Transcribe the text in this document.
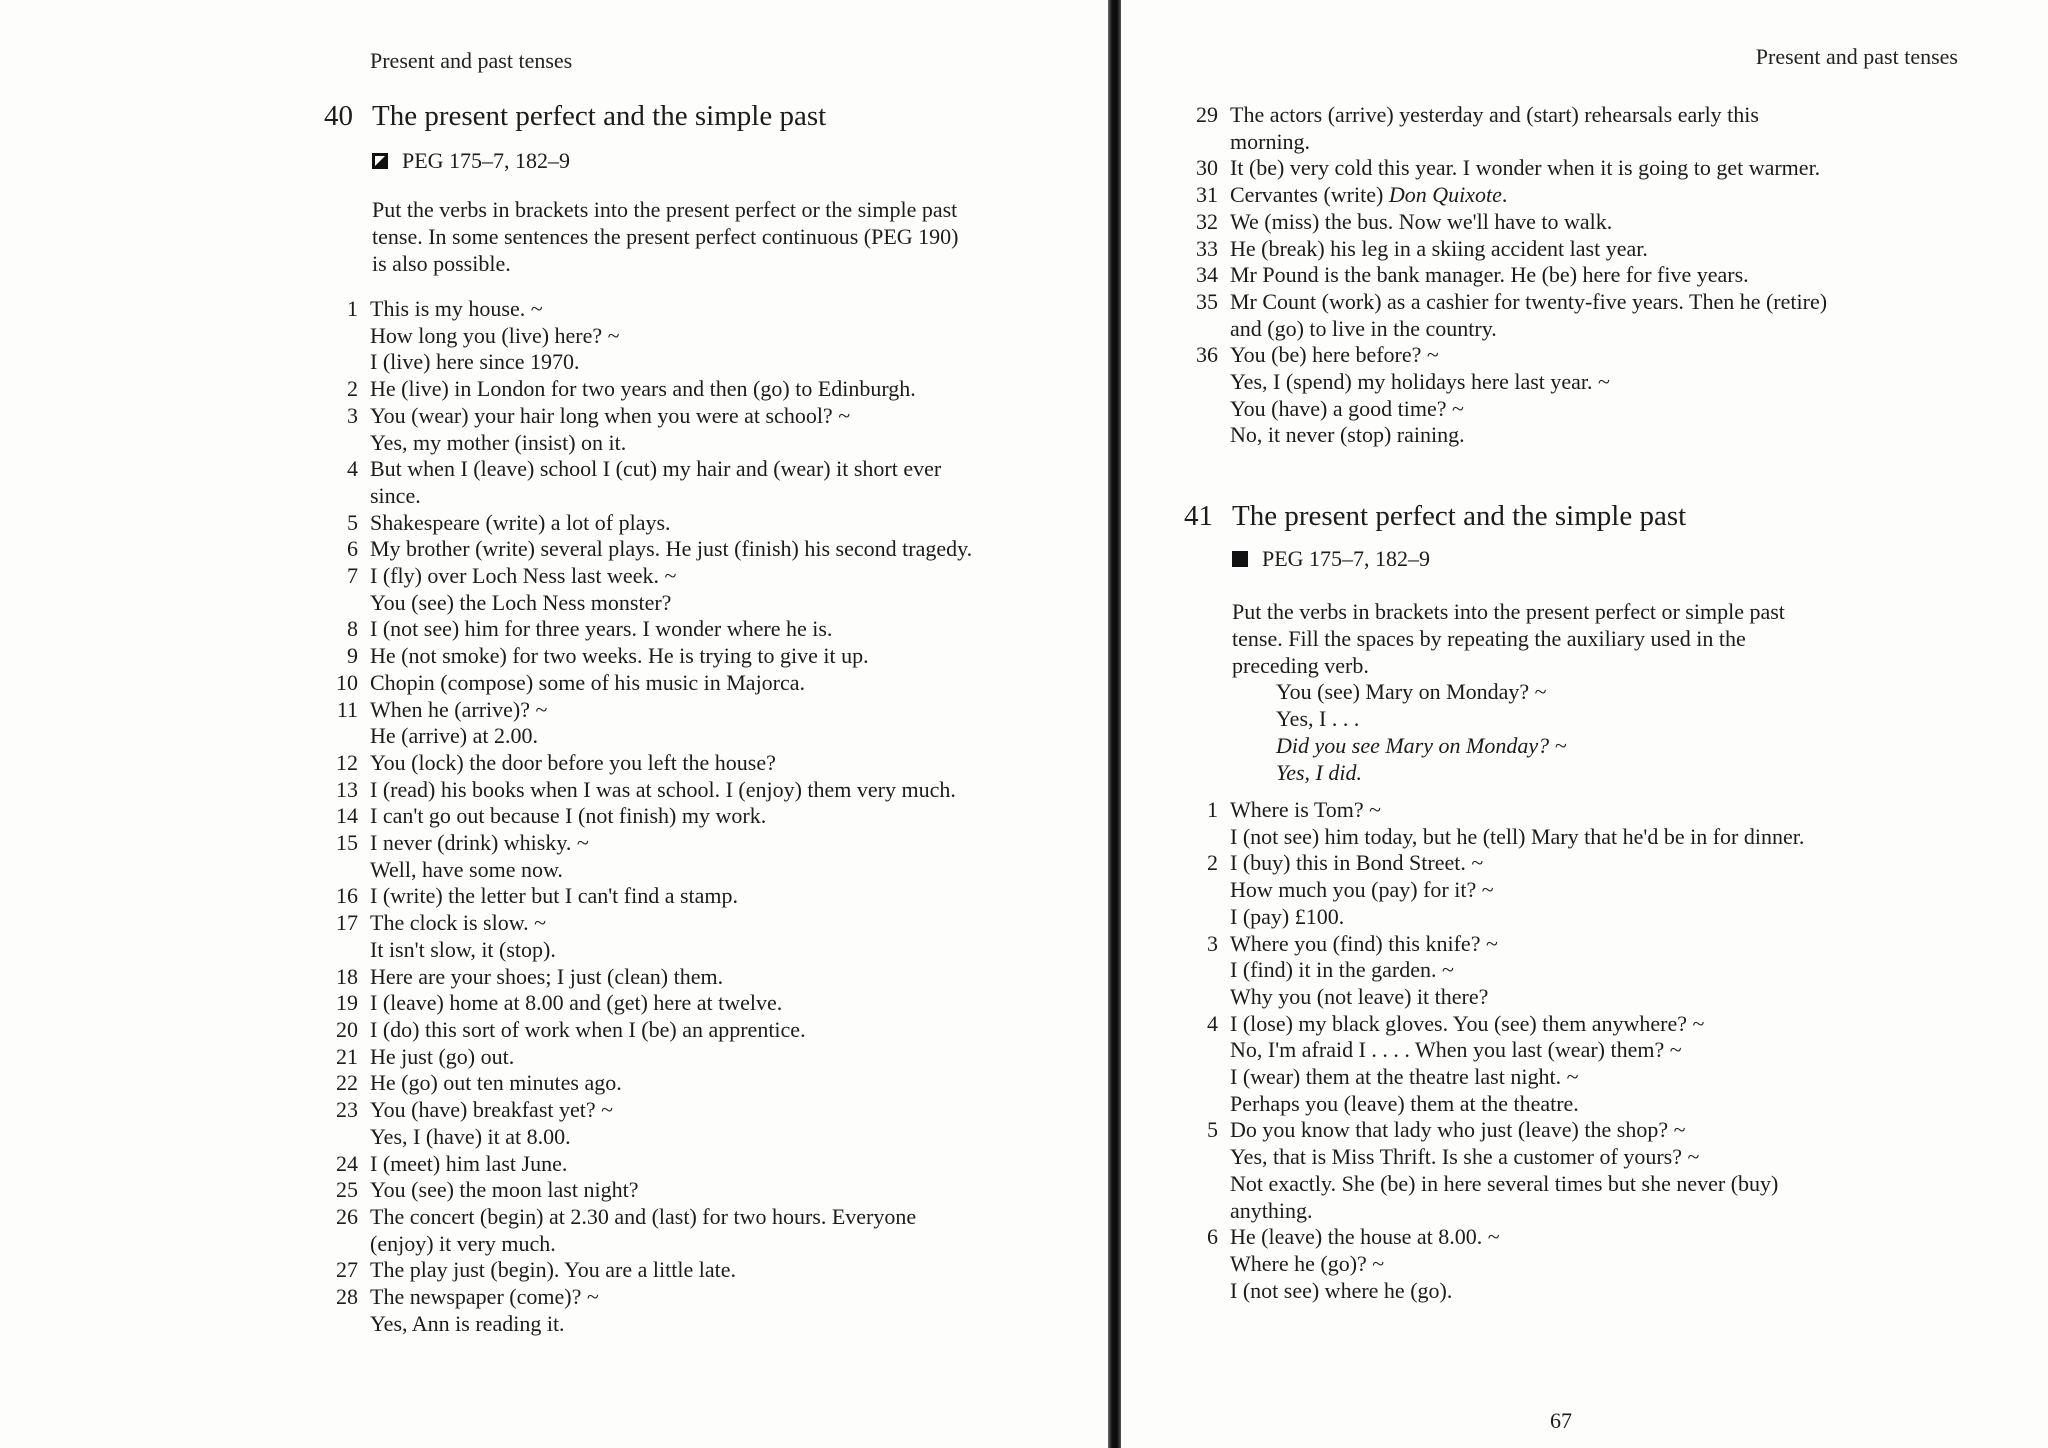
Present and past tenses
40 The present perfect and the simple past
PEG 175–7, 182–9
Put the verbs in brackets into the present perfect or the simple past
tense. In some sentences the present perfect continuous (PEG 190)
is also possible.
1 This is my house. ~
How long you (live) here? ~
I (live) here since 1970.
2 He (live) in London for two years and then (go) to Edinburgh.
3 You (wear) your hair long when you were at school? ~
Yes, my mother (insist) on it.
4 But when I (leave) school I (cut) my hair and (wear) it short ever
since.
5 Shakespeare (write) a lot of plays.
6 My brother (write) several plays. He just (finish) his second tragedy.
7 I (fly) over Loch Ness last week. ~
You (see) the Loch Ness monster?
8 I (not see) him for three years. I wonder where he is.
9 He (not smoke) for two weeks. He is trying to give it up.
10 Chopin (compose) some of his music in Majorca.
11 When he (arrive)? ~
He (arrive) at 2.00.
12 You (lock) the door before you left the house?
13 I (read) his books when I was at school. I (enjoy) them very much.
14 I can't go out because I (not finish) my work.
15 I never (drink) whisky. ~
Well, have some now.
16 I (write) the letter but I can't find a stamp.
17 The clock is slow. ~
It isn't slow, it (stop).
18 Here are your shoes; I just (clean) them.
19 I (leave) home at 8.00 and (get) here at twelve.
20 I (do) this sort of work when I (be) an apprentice.
21 He just (go) out.
22 He (go) out ten minutes ago.
23 You (have) breakfast yet? ~
Yes, I (have) it at 8.00.
24 I (meet) him last June.
25 You (see) the moon last night?
26 The concert (begin) at 2.30 and (last) for two hours. Everyone
(enjoy) it very much.
27 The play just (begin). You are a little late.
28 The newspaper (come)? ~
Yes, Ann is reading it.
Present and past tenses
29 The actors (arrive) yesterday and (start) rehearsals early this
morning.
30 It (be) very cold this year. I wonder when it is going to get warmer.
31 Cervantes (write) Don Quixote.
32 We (miss) the bus. Now we'll have to walk.
33 He (break) his leg in a skiing accident last year.
34 Mr Pound is the bank manager. He (be) here for five years.
35 Mr Count (work) as a cashier for twenty-five years. Then he (retire)
and (go) to live in the country.
36 You (be) here before? ~
Yes, I (spend) my holidays here last year. ~
You (have) a good time? ~
No, it never (stop) raining.
41 The present perfect and the simple past
PEG 175–7, 182–9
Put the verbs in brackets into the present perfect or simple past
tense. Fill the spaces by repeating the auxiliary used in the
preceding verb.
You (see) Mary on Monday? ~
Yes, I . . .
Did you see Mary on Monday? ~
Yes, I did.
1 Where is Tom? ~
I (not see) him today, but he (tell) Mary that he'd be in for dinner.
2 I (buy) this in Bond Street. ~
How much you (pay) for it? ~
I (pay) £100.
3 Where you (find) this knife? ~
I (find) it in the garden. ~
Why you (not leave) it there?
4 I (lose) my black gloves. You (see) them anywhere? ~
No, I'm afraid I . . . . When you last (wear) them? ~
I (wear) them at the theatre last night. ~
Perhaps you (leave) them at the theatre.
5 Do you know that lady who just (leave) the shop? ~
Yes, that is Miss Thrift. Is she a customer of yours? ~
Not exactly. She (be) in here several times but she never (buy)
anything.
6 He (leave) the house at 8.00. ~
Where he (go)? ~
I (not see) where he (go).
67
